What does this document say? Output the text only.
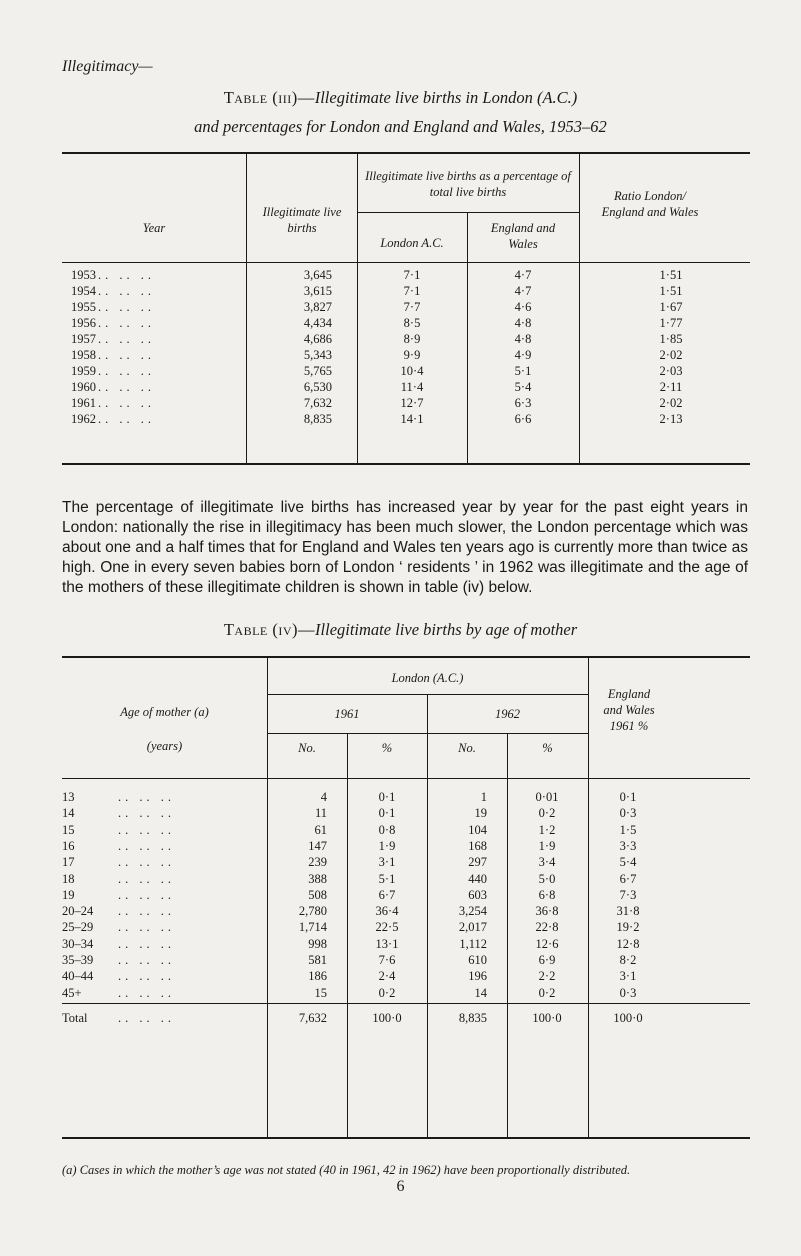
Illegitimacy—
Table (iii)—Illegitimate live births in London (A.C.)
and percentages for London and England and Wales, 1953–62
Year
Illegitimate live births
Illegitimate live births as a percentage of total live births
London A.C.
England and Wales
Ratio London/ England and Wales
1953 .. .. ..	3,645	7·1	4·7	1·51
1954 .. .. ..	3,615	7·1	4·7	1·51
1955 .. .. ..	3,827	7·7	4·6	1·67
1956 .. .. ..	4,434	8·5	4·8	1·77
1957 .. .. ..	4,686	8·9	4·8	1·85
1958 .. .. ..	5,343	9·9	4·9	2·02
1959 .. .. ..	5,765	10·4	5·1	2·03
1960 .. .. ..	6,530	11·4	5·4	2·11
1961 .. .. ..	7,632	12·7	6·3	2·02
1962 .. .. ..	8,835	14·1	6·6	2·13
The percentage of illegitimate live births has increased year by year for the past eight years in London: nationally the rise in illegitimacy has been much slower, the London percentage which was about one and a half times that for England and Wales ten years ago is currently more than twice as high. One in every seven babies born of London ‘ residents ’ in 1962 was illegitimate and the age of the mothers of these illegitimate children is shown in table (iv) below.
Table (iv)—Illegitimate live births by age of mother
Age of mother (a)
(years)
London (A.C.)
1961	1962
No.	%	No.	%
England and Wales 1961 %
13	.. .. ..	4	0·1	1	0·01	0·1
14	.. .. ..	11	0·1	19	0·2	0·3
15	.. .. ..	61	0·8	104	1·2	1·5
16	.. .. ..	147	1·9	168	1·9	3·3
17	.. .. ..	239	3·1	297	3·4	5·4
18	.. .. ..	388	5·1	440	5·0	6·7
19	.. .. ..	508	6·7	603	6·8	7·3
20–24	.. .. ..	2,780	36·4	3,254	36·8	31·8
25–29	.. .. ..	1,714	22·5	2,017	22·8	19·2
30–34	.. .. ..	998	13·1	1,112	12·6	12·8
35–39	.. .. ..	581	7·6	610	6·9	8·2
40–44	.. .. ..	186	2·4	196	2·2	3·1
45+	.. .. ..	15	0·2	14	0·2	0·3
Total	.. .. ..	7,632	100·0	8,835	100·0	100·0
(a) Cases in which the mother’s age was not stated (40 in 1961, 42 in 1962) have been proportionally distributed.
6
